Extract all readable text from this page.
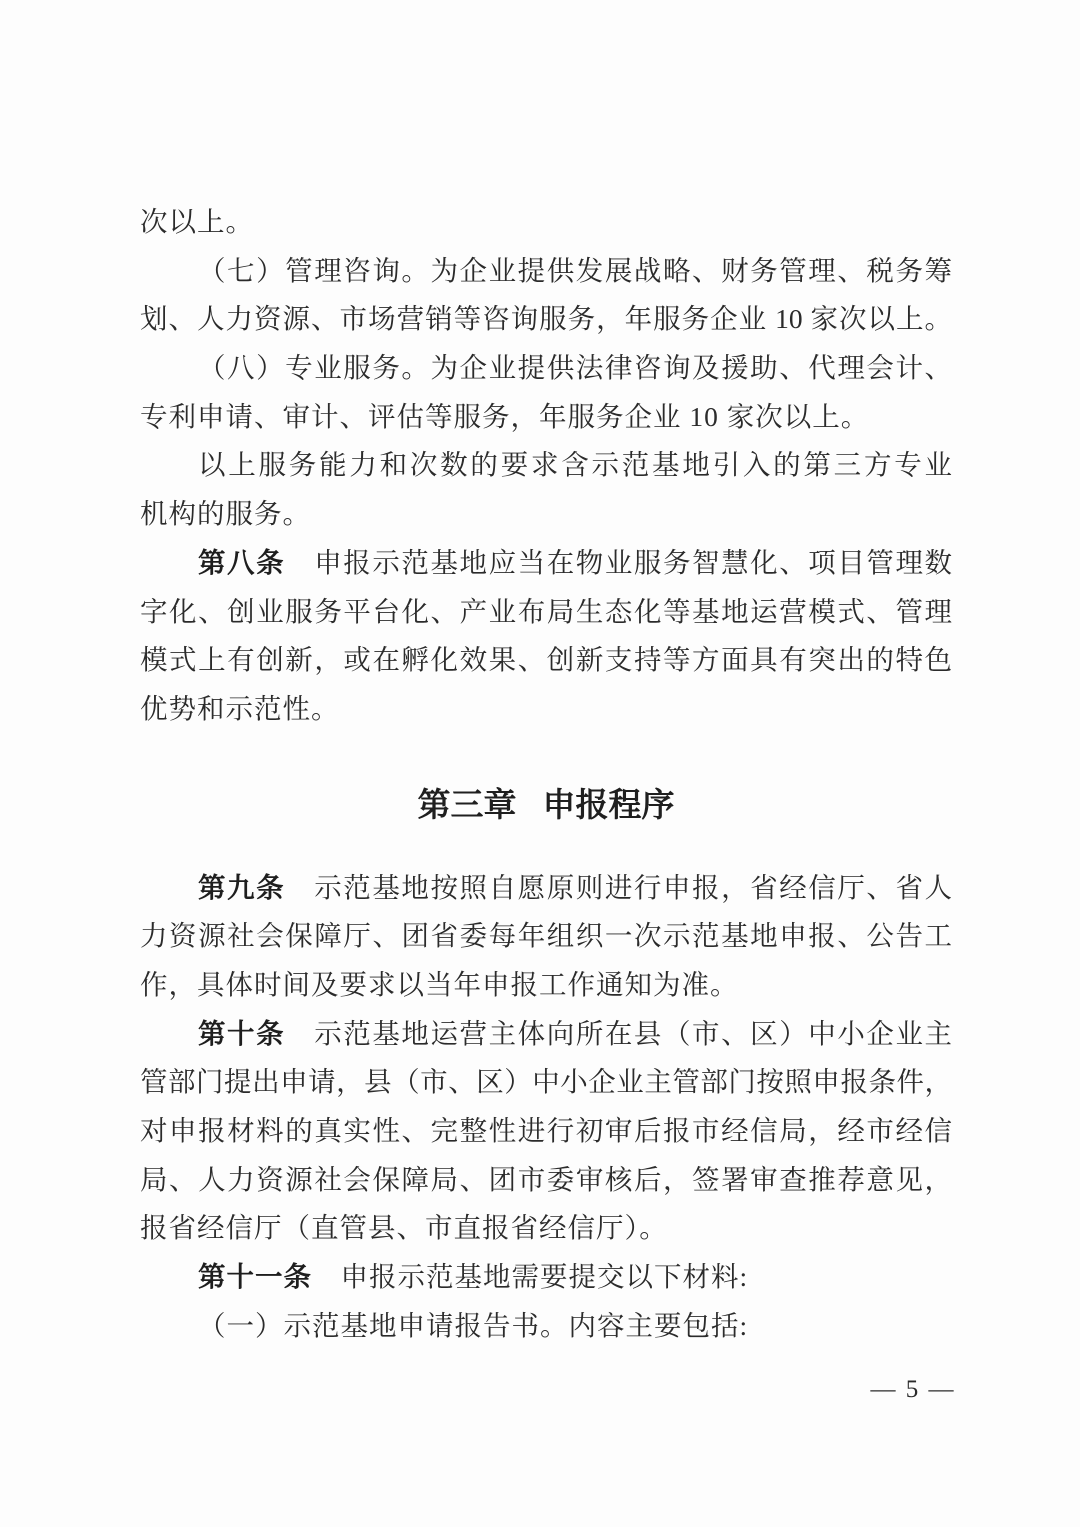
次以上。
（七）管理咨询。为企业提供发展战略、财务管理、税务筹
划、人力资源、市场营销等咨询服务，年服务企业 10 家次以上。
（八）专业服务。为企业提供法律咨询及援助、代理会计、
专利申请、审计、评估等服务，年服务企业 10 家次以上。
以上服务能力和次数的要求含示范基地引入的第三方专业
机构的服务。
第八条　申报示范基地应当在物业服务智慧化、项目管理数
字化、创业服务平台化、产业布局生态化等基地运营模式、管理
模式上有创新，或在孵化效果、创新支持等方面具有突出的特色
优势和示范性。
第三章 申报程序
第九条　示范基地按照自愿原则进行申报，省经信厅、省人
力资源社会保障厅、团省委每年组织一次示范基地申报、公告工
作，具体时间及要求以当年申报工作通知为准。
第十条　示范基地运营主体向所在县（市、区）中小企业主
管部门提出申请，县（市、区）中小企业主管部门按照申报条件，
对申报材料的真实性、完整性进行初审后报市经信局，经市经信
局、人力资源社会保障局、团市委审核后，签署审查推荐意见，
报省经信厅（直管县、市直报省经信厅）。
第十一条　申报示范基地需要提交以下材料:
（一）示范基地申请报告书。内容主要包括:
— 5 —
